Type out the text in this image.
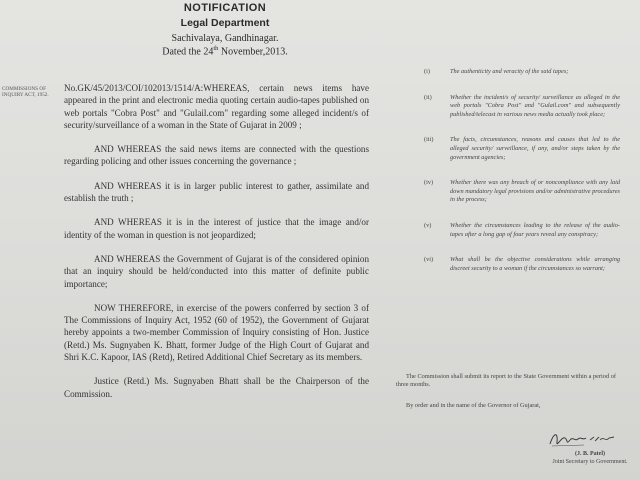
NOTIFICATION
Legal Department
Sachivalaya, Gandhinagar.
Dated the 24th November,2013.
COMMISSIONS OF INQUIRY ACT, 1952.

No.GK/45/2013/COI/102013/1514/A:WHEREAS, certain news items have appeared in the print and electronic media quoting certain audio-tapes published on web portals "Cobra Post" and "Gulail.com" regarding some alleged incident/s of security/surveillance of a woman in the State of Gujarat in 2009 ;

AND WHEREAS the said news items are connected with the questions regarding policing and other issues concerning the governance ;

AND WHEREAS it is in larger public interest to gather, assimilate and establish the truth ;

AND WHEREAS it is in the interest of justice that the image and/or identity of the woman in question is not jeopardized;

AND WHEREAS the Government of Gujarat is of the considered opinion that an inquiry should be held/conducted into this matter of definite public importance;

NOW THEREFORE, in exercise of the powers conferred by section 3 of The Commissions of Inquiry Act, 1952 (60 of 1952), the Government of Gujarat hereby appoints a two-member Commission of Inquiry consisting of Hon. Justice (Retd.) Ms. Sugnyaben K. Bhatt, former Judge of the High Court of Gujarat and Shri K.C. Kapoor, IAS (Retd), Retired Additional Chief Secretary as its members.

Justice (Retd.) Ms. Sugnyaben Bhatt shall be the Chairperson of the Commission.

(i)	The authenticity and veracity of the said tapes;
(ii)	Whether the incident/s of security/ surveillance as alleged in the web portals "Cobra Post" and "Gulail.com" and subsequently published/telecast in various news media actually took place;
(iii)	The facts, circumstances, reasons and causes that led to the alleged security/ surveillance, if any, and/or steps taken by the government agencies;
(iv)	Whether there was any breach of or noncompliance with any laid down mandatory legal provisions and/or administrative procedures in the process;
(v)	Whether the circumstances leading to the release of the audio-tapes after a long gap of four years reveal any conspiracy;
(vi)	What shall be the objective considerations while arranging discreet security to a woman if the circumstances so warrant;

The Commission shall submit its report to the State Government within a period of three months.

By order and in the name of the Governor of Gujarat,

(J. B. Patel)
Joint Secretary to Government.
